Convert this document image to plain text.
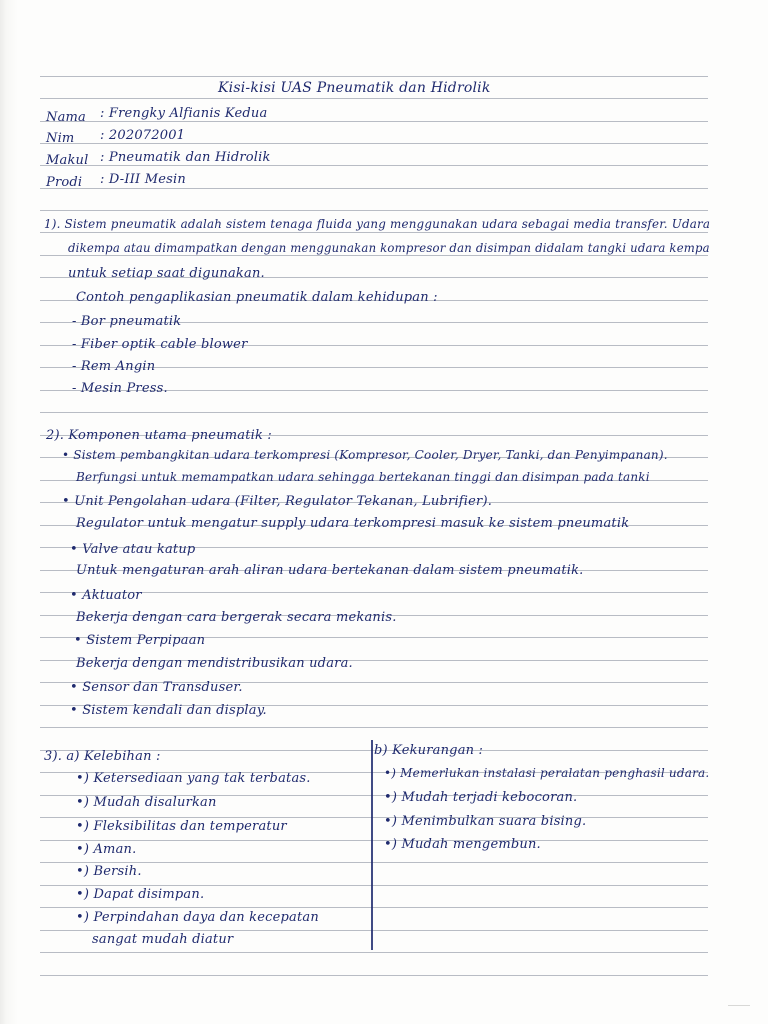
Kisi-kisi UAS Pneumatik dan Hidrolik
Nama : Frengky Alfianis Kedua
Nim : 202072001
Makul : Pneumatik dan Hidrolik
Prodi : D-III Mesin
1). Sistem pneumatik adalah sistem tenaga fluida yang menggunakan udara sebagai media transfer. Udara
dikempa atau dimampatkan dengan menggunakan kompresor dan disimpan didalam tangki udara kempa
untuk setiap saat digunakan.
Contoh pengaplikasian pneumatik dalam kehidupan :
- Bor pneumatik
- Fiber optik cable blower
- Rem Angin
- Mesin Press.
2). Komponen utama pneumatik :
• Sistem pembangkitan udara terkompresi (Kompresor, Cooler, Dryer, Tanki, dan Penyimpanan).
Berfungsi untuk memampatkan udara sehingga bertekanan tinggi dan disimpan pada tanki
• Unit Pengolahan udara (Filter, Regulator Tekanan, Lubrifier).
Regulator untuk mengatur supply udara terkompresi masuk ke sistem pneumatik
• Valve atau katup
Untuk mengaturan arah aliran udara bertekanan dalam sistem pneumatik.
• Aktuator
Bekerja dengan cara bergerak secara mekanis.
• Sistem Perpipaan
Bekerja dengan mendistribusikan udara.
• Sensor dan Transduser.
• Sistem kendali dan display.
3). a) Kelebihan :
•) Ketersediaan yang tak terbatas.
•) Mudah disalurkan
•) Fleksibilitas dan temperatur
•) Aman.
•) Bersih.
•) Dapat disimpan.
•) Perpindahan daya dan kecepatan
sangat mudah diatur
b) Kekurangan :
•) Memerlukan instalasi peralatan penghasil udara.
•) Mudah terjadi kebocoran.
•) Menimbulkan suara bising.
•) Mudah mengembun.
